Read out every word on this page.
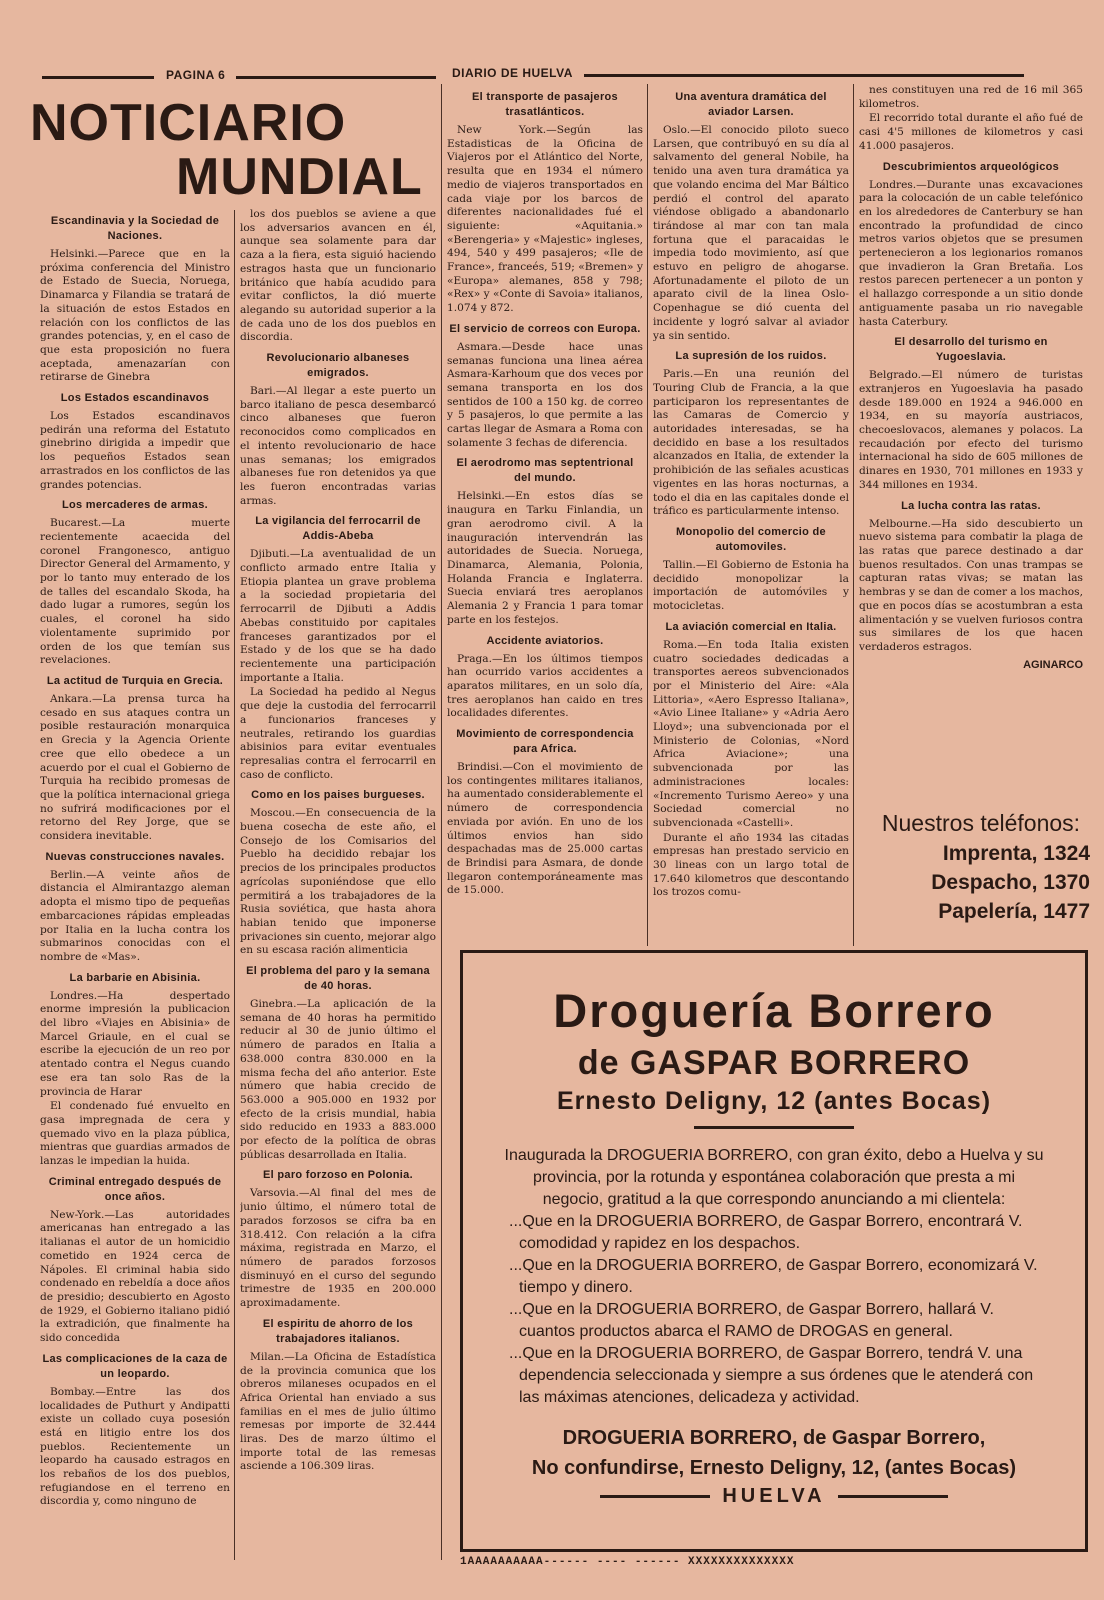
PAGINA 6	DIARIO DE HUELVA
NOTICIARIO
MUNDIAL
Escandinavia y la Sociedad de Naciones.

Helsinki.—Parece que en la próxima conferencia del Ministro de Estado de Suecia, Noruega, Dinamarca y Filandia se tratará de la situación de estos Estados en relación con los conflictos de las grandes potencias, y, en el caso de que esta proposición no fuera aceptada, amenazarían con retirarse de Ginebra

Los Estados escandinavos

Los Estados escandinavos pedirán una reforma del Estatuto ginebrino dirigida a impedir que los pequeños Estados sean arrastrados en los conflictos de las grandes potencias.

Los mercaderes de armas.

Bucarest.—La muerte recientemente acaecida del coronel Frangonesco, antiguo Director General del Armamento, y por lo tanto muy enterado de los de talles del escandalo Skoda, ha dado lugar a rumores, según los cuales, el coronel ha sido violentamente suprimido por orden de los que temían sus revelaciones.

La actitud de Turquia en Grecia.

Ankara.—La prensa turca ha cesado en sus ataques contra un posible restauración monarquica en Grecia y la Agencia Oriente cree que ello obedece a un acuerdo por el cual el Gobierno de Turquia ha recibido promesas de que la política internacional griega no sufrirá modificaciones por el retorno del Rey Jorge, que se considera inevitable.

Nuevas construcciones navales.

Berlin.—A veinte años de distancia el Almirantazgo aleman adopta el mismo tipo de pequeñas embarcaciones rápidas empleadas por Italia en la lucha contra los submarinos conocidas con el nombre de «Mas».

La barbarie en Abisinia.

Londres.—Ha despertado enorme impresión la publicacion del libro «Viajes en Abisinia» de Marcel Griaule, en el cual se escribe la ejecución de un reo por atentado contra el Negus cuando ese era tan solo Ras de la provincia de Harar

El condenado fué envuelto en gasa impregnada de cera y quemado vivo en la plaza pública, mientras que guardias armados de lanzas le impedian la huida.

Criminal entregado después de once años.

New-York.—Las autoridades americanas han entregado a las italianas el autor de un homicidio cometido en 1924 cerca de Nápoles. El criminal habia sido condenado en rebeldía a doce años de presidio; descubierto en Agosto de 1929, el Gobierno italiano pidió la extradición, que finalmente ha sido concedida

Las complicaciones de la caza de un leopardo.

Bombay.—Entre las dos localidades de Puthurt y Andipatti existe un collado cuya posesión está en litigio entre los dos pueblos. Recientemente un leopardo ha causado estragos en los rebaños de los dos pueblos, refugiandose en el terreno en discordia y, como ninguno de

los dos pueblos se aviene a que los adversarios avancen en él, aunque sea solamente para dar caza a la fiera, esta siguió haciendo estragos hasta que un funcionario británico que había acudido para evitar conflictos, la dió muerte alegando su autoridad superior a la de cada uno de los dos pueblos en discordia.

Revolucionario albaneses emigrados.

Bari.—Al llegar a este puerto un barco italiano de pesca desembarcó cinco albaneses que fueron reconocidos como complicados en el intento revolucionario de hace unas semanas; los emigrados albaneses fue ron detenidos ya que les fueron encontradas varias armas.

La vigilancia del ferrocarril de Addis-Abeba

Djibuti.—La aventualidad de un conflicto armado entre Italia y Etiopia plantea un grave problema a la sociedad propietaria del ferrocarril de Djibuti a Addis Abebas constituido por capitales franceses garantizados por el Estado y de los que se ha dado recientemente una participación importante a Italia.

La Sociedad ha pedido al Negus que deje la custodia del ferrocarril a funcionarios franceses y neutrales, retirando los guardias abisinios para evitar eventuales represalias contra el ferrocarril en caso de conflicto.

Como en los paises burgueses.

Moscou.—En consecuencia de la buena cosecha de este año, el Consejo de los Comisarios del Pueblo ha decidido rebajar los precios de los principales productos agrícolas suponiéndose que ello permitirá a los trabajadores de la Rusia soviética, que hasta ahora habian tenido que imponerse privaciones sin cuento, mejorar algo en su escasa ración alimenticia

El problema del paro y la semana de 40 horas.

Ginebra.—La aplicación de la semana de 40 horas ha permitido reducir al 30 de junio último el número de parados en Italia a 638.000 contra 830.000 en la misma fecha del año anterior. Este número que habia crecido de 563.000 a 905.000 en 1932 por efecto de la crisis mundial, habia sido reducido en 1933 a 883.000 por efecto de la política de obras públicas desarrollada en Italia.

El paro forzoso en Polonia.

Varsovia.—Al final del mes de junio último, el número total de parados forzosos se cifra ba en 318.412. Con relación a la cifra máxima, registrada en Marzo, el número de parados forzosos disminuyó en el curso del segundo trimestre de 1935 en 200.000 aproximadamente.

El espiritu de ahorro de los trabajadores italianos.

Milan.—La Oficina de Estadística de la provincia comunica que los obreros milaneses ocupados en el Africa Oriental han enviado a sus familias en el mes de julio último remesas por importe de 32.444 liras. Des de marzo último el importe total de las remesas asciende a 106.309 liras.

El transporte de pasajeros trasatlánticos.

New York.—Según las Estadisticas de la Oficina de Viajeros por el Atlántico del Norte, resulta que en 1934 el número medio de viajeros transportados en cada viaje por los barcos de diferentes nacionalidades fué el siguiente: «Aquitania.» «Berengeria» y «Majestic» ingleses, 494, 540 y 499 pasajeros; «Ile de France», franceés, 519; «Bremen» y «Europa» alemanes, 858 y 798; «Rex» y «Conte di Savoia» italianos, 1.074 y 872.

El servicio de correos con Europa.

Asmara.—Desde hace unas semanas funciona una linea aérea Asmara-Karhoum que dos veces por semana transporta en los dos sentidos de 100 a 150 kg. de correo y 5 pasajeros, lo que permite a las cartas llegar de Asmara a Roma con solamente 3 fechas de diferencia.

El aerodromo mas septentrional del mundo.

Helsinki.—En estos días se inaugura en Tarku Finlandia, un gran aerodromo civil. A la inauguración intervendrán las autoridades de Suecia. Noruega, Dinamarca, Alemania, Polonia, Holanda Francia e Inglaterra. Suecia enviará tres aeroplanos Alemania 2 y Francia 1 para tomar parte en los festejos.

Accidente aviatorios.

Praga.—En los últimos tiempos han ocurrido varios accidentes a aparatos militares, en un solo día, tres aeroplanos han caido en tres localidades diferentes.

Movimiento de correspondencia para Africa.

Brindisi.—Con el movimiento de los contingentes militares italianos, ha aumentado considerablemente el número de correspondencia enviada por avión. En uno de los últimos envios han sido despachadas mas de 25.000 cartas de Brindisi para Asmara, de donde llegaron contemporáneamente mas de 15.000.

Una aventura dramática del aviador Larsen.

Oslo.—El conocido piloto sueco Larsen, que contribuyó en su día al salvamento del general Nobile, ha tenido una aven tura dramática ya que volando encima del Mar Báltico perdió el control del aparato viéndose obligado a abandonarlo tirándose al mar con tan mala fortuna que el paracaidas le impedia todo movimiento, así que estuvo en peligro de ahogarse. Afortunadamente el piloto de un aparato civil de la linea Oslo- Copenhague se dió cuenta del incidente y logró salvar al aviador ya sin sentido.

La supresión de los ruidos.

Paris.—En una reunión del Touring Club de Francia, a la que participaron los representantes de las Camaras de Comercio y autoridades interesadas, se ha decidido en base a los resultados alcanzados en Italia, de extender la prohibición de las señales acusticas vigentes en las horas nocturnas, a todo el dia en las capitales donde el tráfico es particularmente intenso.

Monopolio del comercio de automoviles.

Tallin.—El Gobierno de Estonia ha decidido monopolizar la importación de automóviles y motocicletas.

La aviación comercial en Italia.

Roma.—En toda Italia existen cuatro sociedades dedicadas a transportes aereos subvencionados por el Ministerio del Aire: «Ala Littoria», «Aero Espresso Italiana», «Avio Linee Italiane» y «Adria Aero Lloyd»; una subvencionada por el Ministerio de Colonias, «Nord Africa Aviacione»; una subvencionada por las administraciones locales: «Incremento Turismo Aereo» y una Sociedad comercial no subvencionada «Castelli».

Durante el año 1934 las citadas empresas han prestado servicio en 30 lineas con un largo total de 17.640 kilometros que descontando los trozos comu-

nes constituyen una red de 16 mil 365 kilometros.

El recorrido total durante el año fué de casi 4'5 millones de kilometros y casi 41.000 pasajeros.

Descubrimientos arqueológicos

Londres.—Durante unas excavaciones para la colocación de un cable telefónico en los alrededores de Canterbury se han encontrado la profundidad de cinco metros varios objetos que se presumen pertenecieron a los legionarios romanos que invadieron la Gran Bretaña. Los restos parecen pertenecer a un ponton y el hallazgo corresponde a un sitio donde antiguamente pasaba un rio navegable hasta Caterbury.

El desarrollo del turismo en Yugoeslavia.

Belgrado.—El número de turistas extranjeros en Yugoeslavia ha pasado desde 189.000 en 1924 a 946.000 en 1934, en su mayoría austriacos, checoeslovacos, alemanes y polacos. La recaudación por efecto del turismo internacional ha sido de 605 millones de dinares en 1930, 701 millones en 1933 y 344 millones en 1934.

La lucha contra las ratas.

Melbourne.—Ha sido descubierto un nuevo sistema para combatir la plaga de las ratas que parece destinado a dar buenos resultados. Con unas trampas se capturan ratas vivas; se matan las hembras y se dan de comer a los machos, que en pocos días se acostumbran a esta alimentación y se vuelven furiosos contra sus similares de los que hacen verdaderos estragos.

AGINARCO
Nuestros teléfonos:
Imprenta, 1324
Despacho, 1370
Papelería, 1477
Droguería Borrero
de GASPAR BORRERO
Ernesto Deligny, 12 (antes Bocas)
Inaugurada la DROGUERIA BORRERO, con gran éxito, debo a Huelva y su provincia, por la rotunda y espontánea colaboración que presta a mi negocio, gratitud a la que correspondo anunciando a mi clientela:
...Que en la DROGUERIA BORRERO, de Gaspar Borrero, encontrará V. comodidad y rapidez en los despachos.
...Que en la DROGUERIA BORRERO, de Gaspar Borrero, economizará V. tiempo y dinero.
...Que en la DROGUERIA BORRERO, de Gaspar Borrero, hallará V. cuantos productos abarca el RAMO de DROGAS en general.
...Que en la DROGUERIA BORRERO, de Gaspar Borrero, tendrá V. una dependencia seleccionada y siempre a sus órdenes que le atenderá con las máximas atenciones, delicadeza y actividad.
DROGUERIA BORRERO, de Gaspar Borrero,
No confundirse, Ernesto Deligny, 12, (antes Bocas)
HUELVA
1AAAAAAAAAA------ ---- ------ XXXXXXXXXXXXXX
